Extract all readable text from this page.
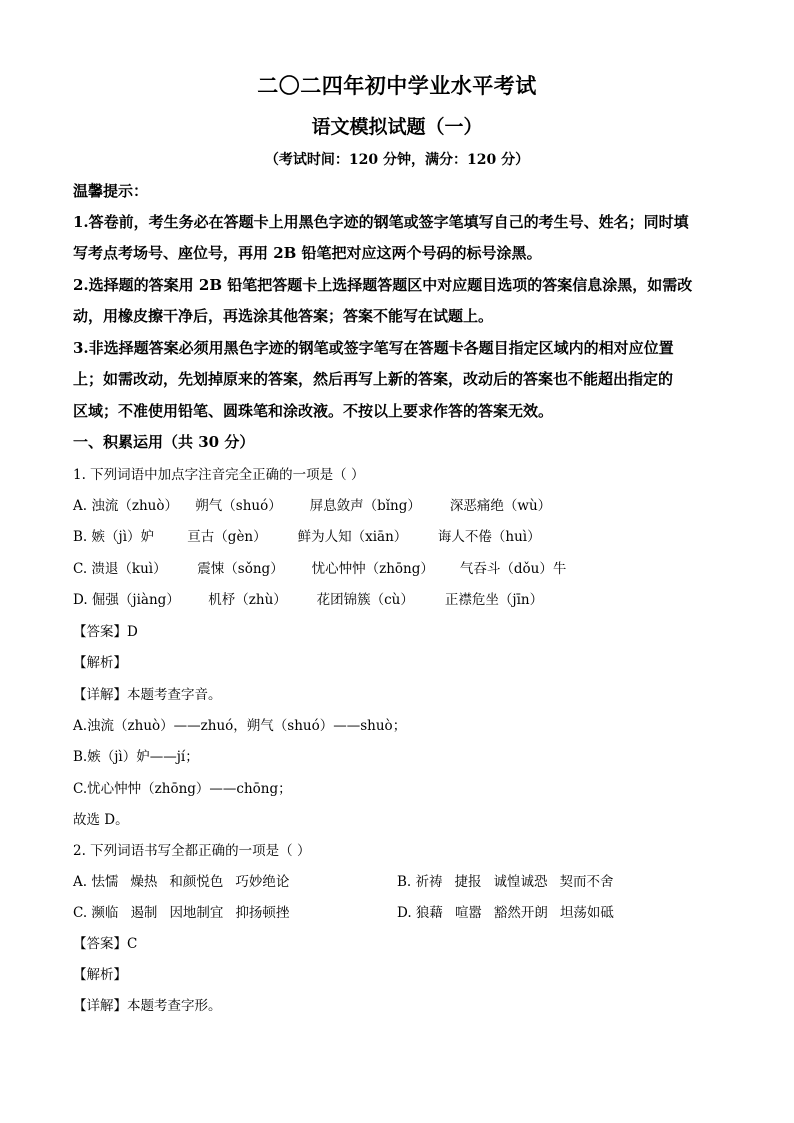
二〇二四年初中学业水平考试
语文模拟试题（一）
（考试时间：120 分钟，满分：120 分）
温馨提示：
1.答卷前，考生务必在答题卡上用黑色字迹的钢笔或签字笔填写自己的考生号、姓名；同时填
写考点考场号、座位号，再用 2B 铅笔把对应这两个号码的标号涂黑。
2.选择题的答案用 2B 铅笔把答题卡上选择题答题区中对应题目选项的答案信息涂黑，如需改
动，用橡皮擦干净后，再选涂其他答案；答案不能写在试题上。
3.非选择题答案必须用黑色字迹的钢笔或签字笔写在答题卡各题目指定区域内的相对应位置
上；如需改动，先划掉原来的答案，然后再写上新的答案，改动后的答案也不能超出指定的
区域；不准使用铅笔、圆珠笔和涂改液。不按以上要求作答的答案无效。
一、积累运用（共 30 分）
1. 下列词语中加点字注音完全正确的一项是（ ）
A. 浊流（zhuò） 朔气（shuó） 屏息敛声（bǐng） 深恶痛绝（wù）
B. 嫉（jì）妒 亘古（gèn） 鲜为人知（xiān） 诲人不倦（huì）
C. 溃退（kuì） 震悚（sǒng） 忧心忡忡（zhōng） 气吞斗（dǒu）牛
D. 倔强（jiàng） 机杼（zhù） 花团锦簇（cù） 正襟危坐（jīn）
【答案】D
【解析】
【详解】本题考查字音。
A.浊流（zhuò）——zhuó，朔气（shuó）——shuò；
B.嫉（jì）妒——jí；
C.忧心忡忡（zhōng）——chōng；
故选 D。
2. 下列词语书写全都正确的一项是（ ）
A. 怯懦 燥热 和颜悦色 巧妙绝论	B. 祈祷 捷报 诚惶诚恐 契而不舍
C. 濒临 遏制 因地制宜 抑扬顿挫	D. 狼藉 喧嚣 豁然开朗 坦荡如砥
【答案】C
【解析】
【详解】本题考查字形。
